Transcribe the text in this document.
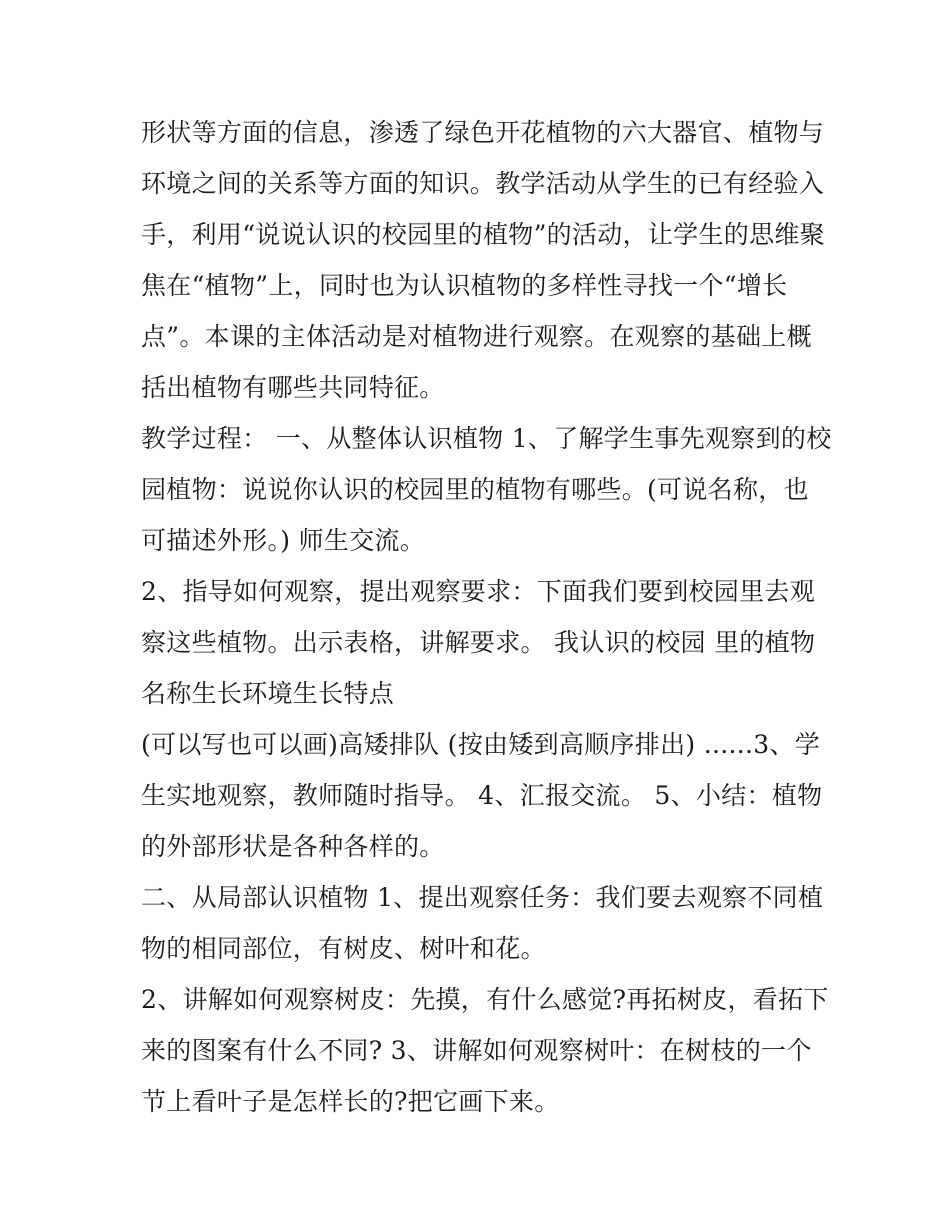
形状等方面的信息，渗透了绿色开花植物的六大器官、植物与
环境之间的关系等方面的知识。教学活动从学生的已有经验入
手，利用“说说认识的校园里的植物”的活动，让学生的思维聚
焦在“植物”上，同时也为认识植物的多样性寻找一个“增长
点”。本课的主体活动是对植物进行观察。在观察的基础上概
括出植物有哪些共同特征。
教学过程： 一、从整体认识植物 1、了解学生事先观察到的校
园植物：说说你认识的校园里的植物有哪些。(可说名称，也
可描述外形。) 师生交流。
2、指导如何观察，提出观察要求：下面我们要到校园里去观
察这些植物。出示表格，讲解要求。 我认识的校园 里的植物
名称生长环境生长特点
(可以写也可以画)高矮排队 (按由矮到高顺序排出) ......3、学
生实地观察，教师随时指导。 4、汇报交流。 5、小结：植物
的外部形状是各种各样的。
二、从局部认识植物 1、提出观察任务：我们要去观察不同植
物的相同部位，有树皮、树叶和花。
2、讲解如何观察树皮：先摸，有什么感觉?再拓树皮，看拓下
来的图案有什么不同? 3、讲解如何观察树叶：在树枝的一个
节上看叶子是怎样长的?把它画下来。
